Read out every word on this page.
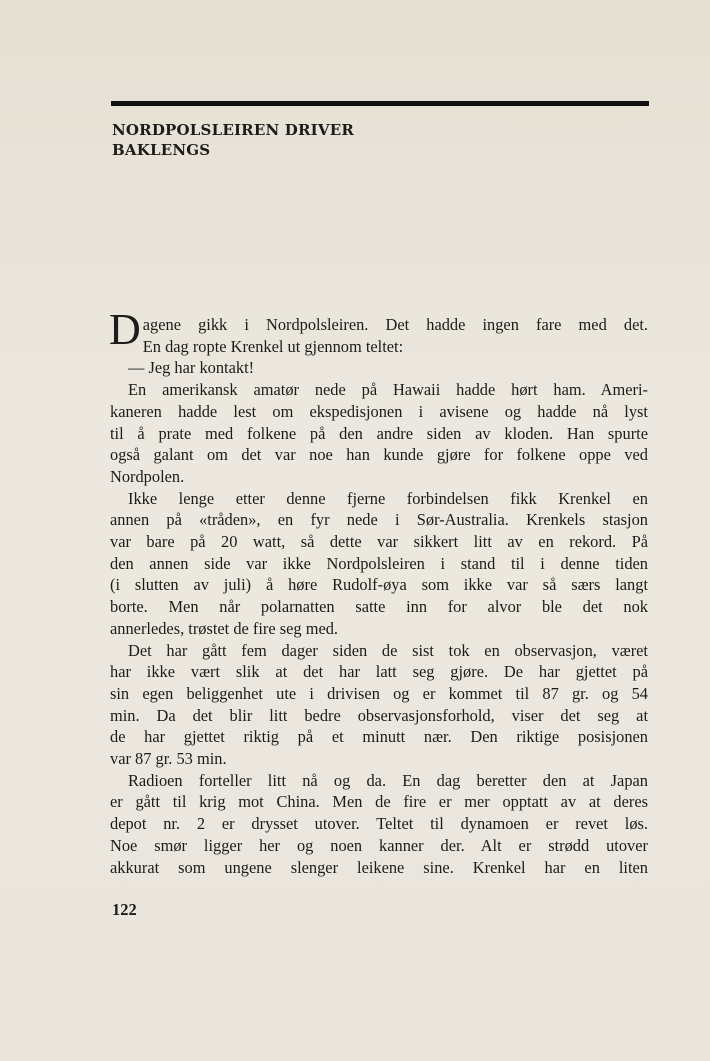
NORDPOLSLEIREN DRIVER
BAKLENGS

D agene gikk i Nordpolsleiren. Det hadde ingen fare med det.
En dag ropte Krenkel ut gjennom teltet:

— Jeg har kontakt!

En amerikansk amatør nede på Hawaii hadde hørt ham. Ameri-
kaneren hadde lest om ekspedisjonen i avisene og hadde nå lyst
til å prate med folkene på den andre siden av kloden. Han spurte
også galant om det var noe han kunde gjøre for folkene oppe ved
Nordpolen.

Ikke lenge etter denne fjerne forbindelsen fikk Krenkel en
annen på «tråden», en fyr nede i Sør-Australia. Krenkels stasjon
var bare på 20 watt, så dette var sikkert litt av en rekord. På
den annen side var ikke Nordpolsleiren i stand til i denne tiden
(i slutten av juli) å høre Rudolf-øya som ikke var så særs langt
borte. Men når polarnatten satte inn for alvor ble det nok
annerledes, trøstet de fire seg med.

Det har gått fem dager siden de sist tok en observasjon, været
har ikke vært slik at det har latt seg gjøre. De har gjettet på
sin egen beliggenhet ute i drivisen og er kommet til 87 gr. og 54
min. Da det blir litt bedre observasjonsforhold, viser det seg at
de har gjettet riktig på et minutt nær. Den riktige posisjonen
var 87 gr. 53 min.

Radioen forteller litt nå og da. En dag beretter den at Japan
er gått til krig mot China. Men de fire er mer opptatt av at deres
depot nr. 2 er drysset utover. Teltet til dynamoen er revet løs.
Noe smør ligger her og noen kanner der. Alt er strødd utover
akkurat som ungene slenger leikene sine. Krenkel har en liten

122
